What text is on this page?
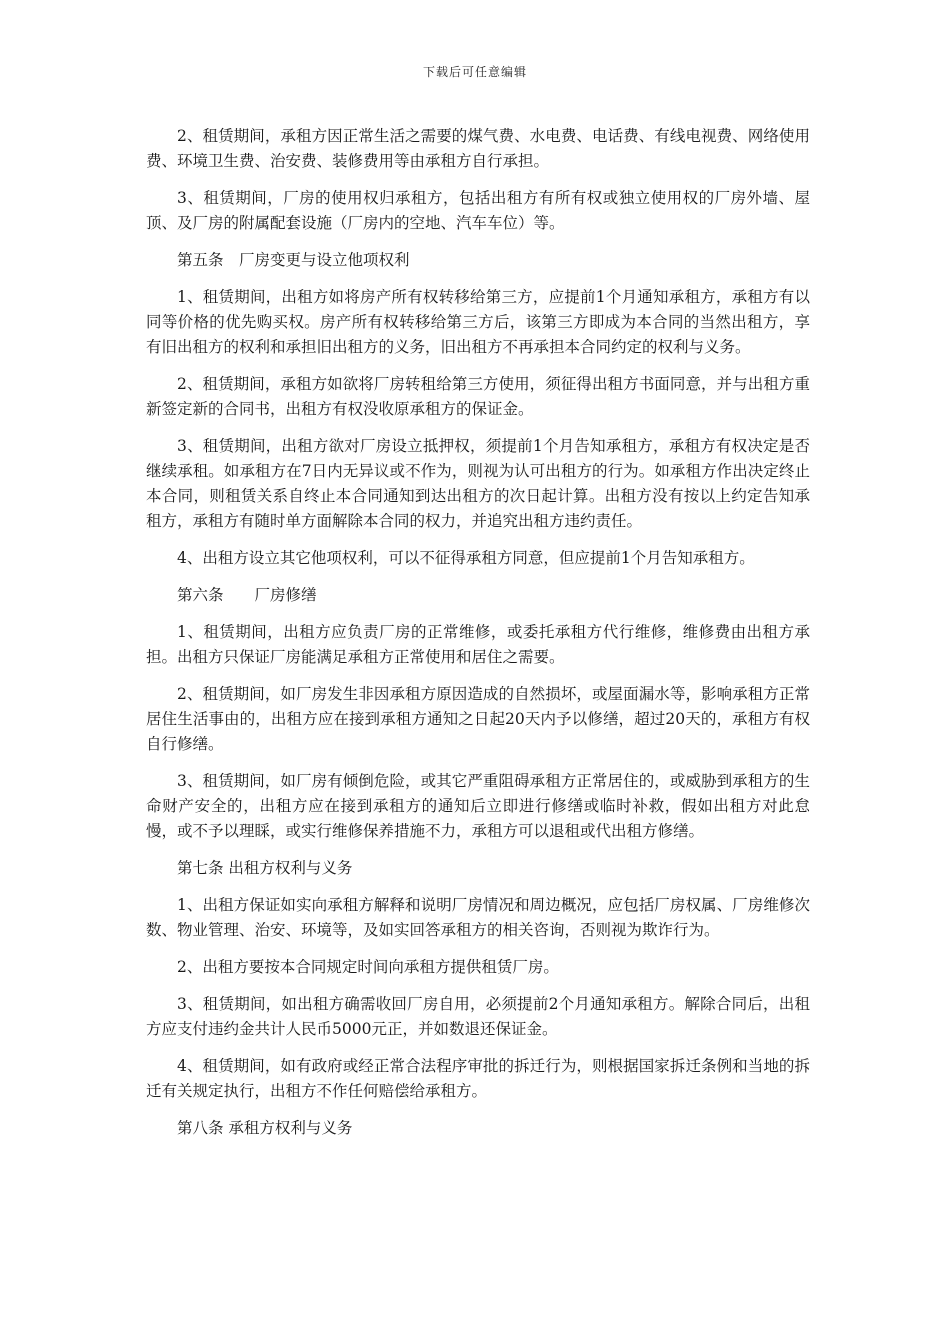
下载后可任意编辑

2、租赁期间，承租方因正常生活之需要的煤气费、水电费、电话费、有线电视费、网络使用费、环境卫生费、治安费、装修费用等由承租方自行承担。

3、租赁期间，厂房的使用权归承租方，包括出租方有所有权或独立使用权的厂房外墙、屋顶、及厂房的附属配套设施（厂房内的空地、汽车车位）等。

第五条　厂房变更与设立他项权利

1、租赁期间，出租方如将房产所有权转移给第三方，应提前1个月通知承租方，承租方有以同等价格的优先购买权。房产所有权转移给第三方后，该第三方即成为本合同的当然出租方，享有旧出租方的权利和承担旧出租方的义务，旧出租方不再承担本合同约定的权利与义务。

2、租赁期间，承租方如欲将厂房转租给第三方使用，须征得出租方书面同意，并与出租方重新签定新的合同书，出租方有权没收原承租方的保证金。

3、租赁期间，出租方欲对厂房设立抵押权，须提前1个月告知承租方，承租方有权决定是否继续承租。如承租方在7日内无异议或不作为，则视为认可出租方的行为。如承租方作出决定终止本合同，则租赁关系自终止本合同通知到达出租方的次日起计算。出租方没有按以上约定告知承租方，承租方有随时单方面解除本合同的权力，并追究出租方违约责任。

4、出租方设立其它他项权利，可以不征得承租方同意，但应提前1个月告知承租方。

第六条　　厂房修缮

1、租赁期间，出租方应负责厂房的正常维修，或委托承租方代行维修，维修费由出租方承担。出租方只保证厂房能满足承租方正常使用和居住之需要。

2、租赁期间，如厂房发生非因承租方原因造成的自然损坏，或屋面漏水等，影响承租方正常居住生活事由的，出租方应在接到承租方通知之日起20天内予以修缮，超过20天的，承租方有权自行修缮。

3、租赁期间，如厂房有倾倒危险，或其它严重阻碍承租方正常居住的，或威胁到承租方的生命财产安全的，出租方应在接到承租方的通知后立即进行修缮或临时补救，假如出租方对此怠慢，或不予以理睬，或实行维修保养措施不力，承租方可以退租或代出租方修缮。

第七条 出租方权利与义务

1、出租方保证如实向承租方解释和说明厂房情况和周边概况，应包括厂房权属、厂房维修次数、物业管理、治安、环境等，及如实回答承租方的相关咨询，否则视为欺诈行为。

2、出租方要按本合同规定时间向承租方提供租赁厂房。

3、租赁期间，如出租方确需收回厂房自用，必须提前2个月通知承租方。解除合同后，出租方应支付违约金共计人民币5000元正，并如数退还保证金。

4、租赁期间，如有政府或经正常合法程序审批的拆迁行为，则根据国家拆迁条例和当地的拆迁有关规定执行，出租方不作任何赔偿给承租方。

第八条 承租方权利与义务
